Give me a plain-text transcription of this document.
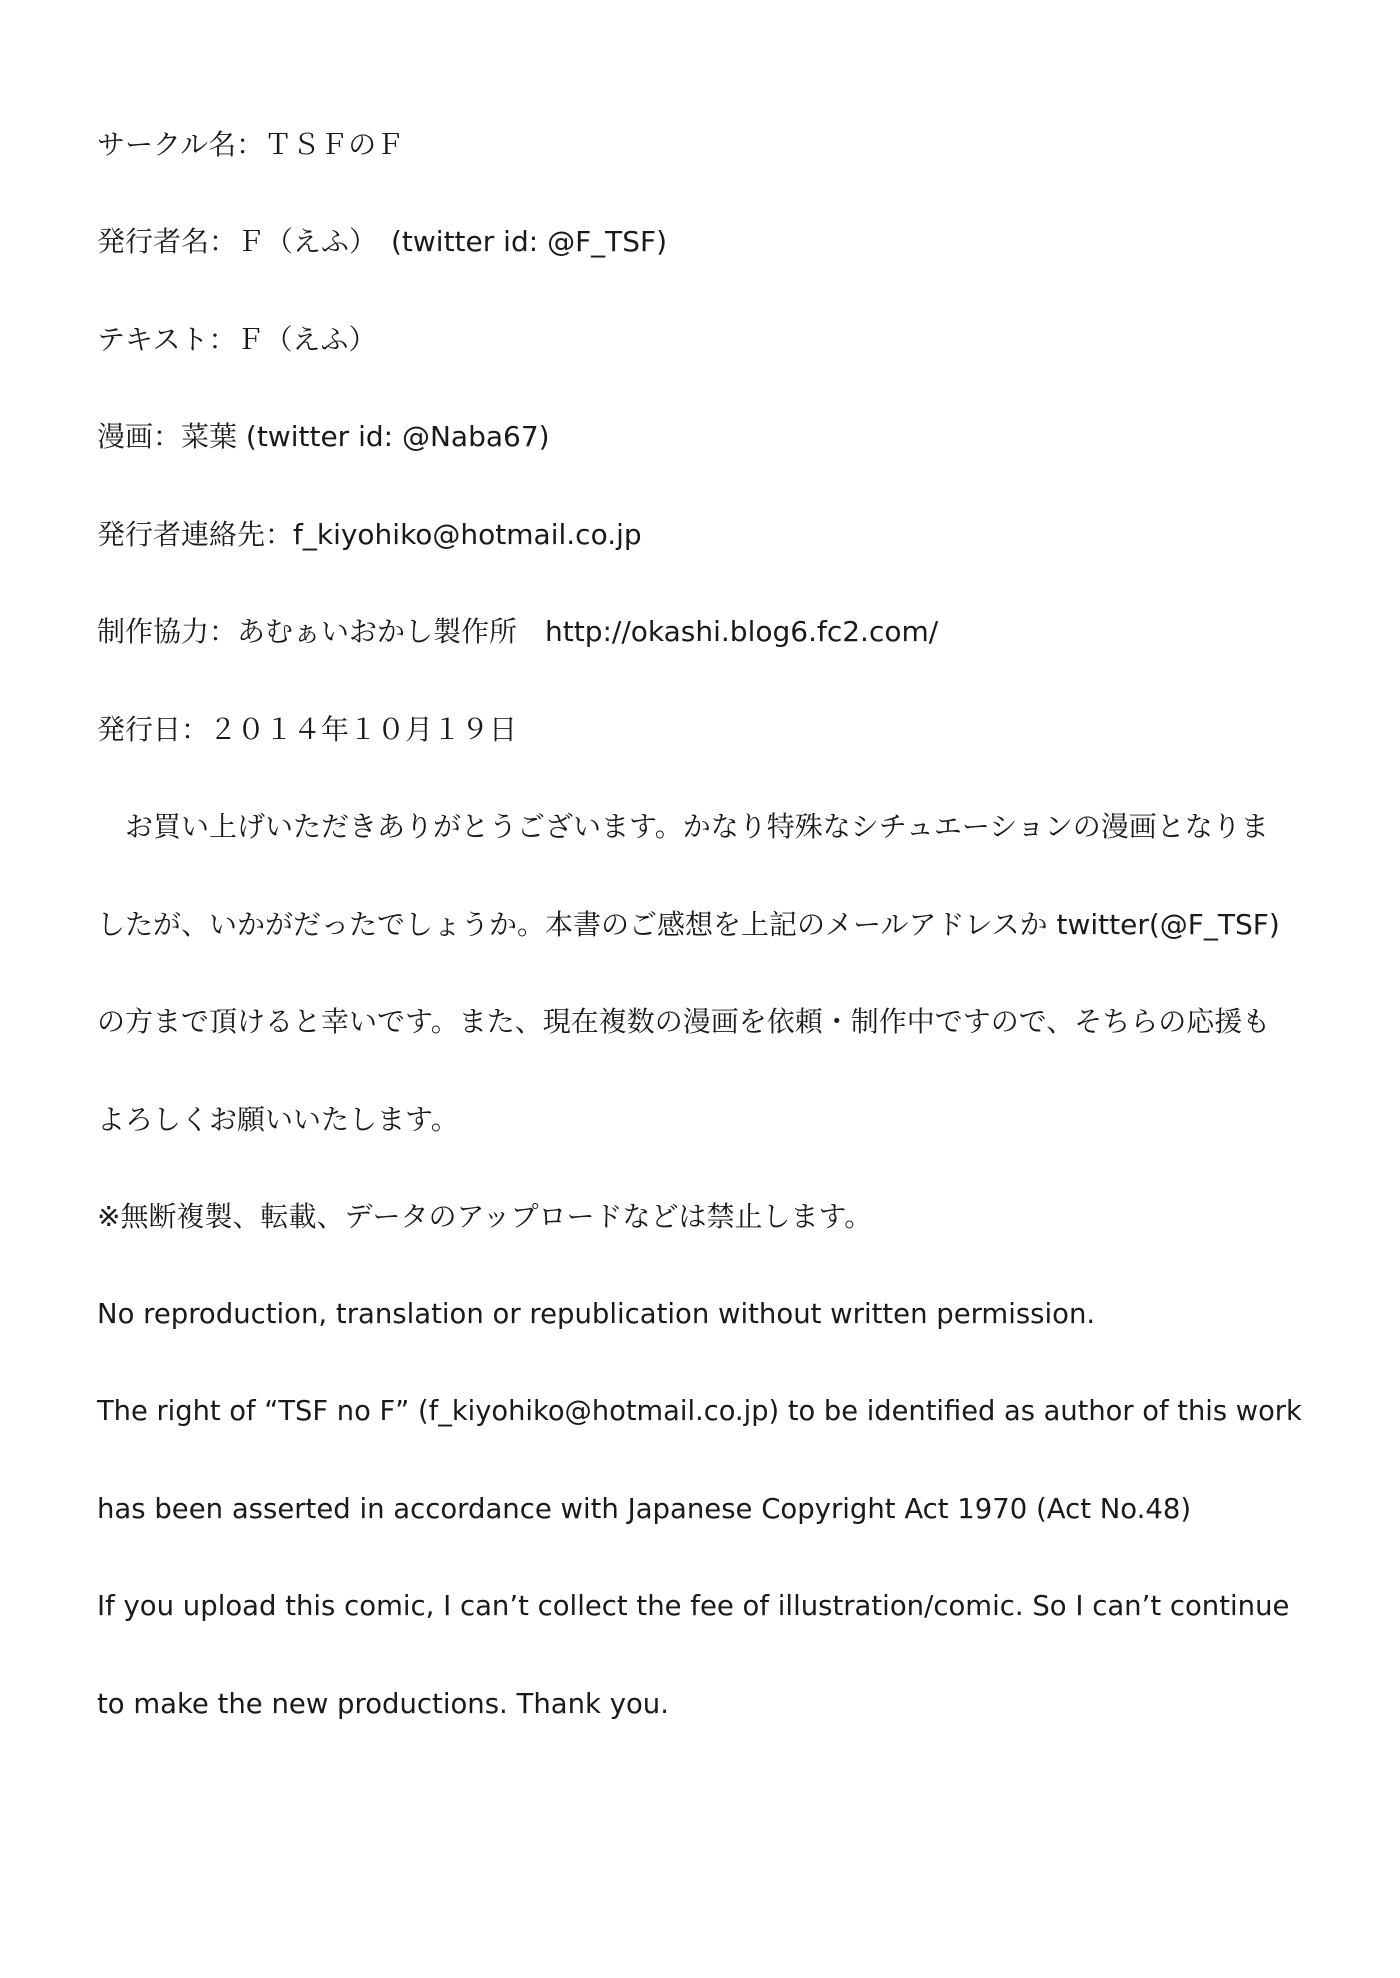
サークル名：ＴＳＦのＦ

発行者名：Ｆ（えふ）　(twitter id: @F_TSF)

テキスト：Ｆ（えふ）

漫画：菜葉 (twitter id: @Naba67)

発行者連絡先：f_kiyohiko@hotmail.co.jp

制作協力：あむぁいおかし製作所　http://okashi.blog6.fc2.com/

発行日：２０１４年１０月１９日

　お買い上げいただきありがとうございます。かなり特殊なシチュエーションの漫画となりま

したが、いかがだったでしょうか。本書のご感想を上記のメールアドレスか twitter(@F_TSF)

の方まで頂けると幸いです。また、現在複数の漫画を依頼・制作中ですので、そちらの応援も

よろしくお願いいたします。

※無断複製、転載、データのアップロードなどは禁止します。

No reproduction, translation or republication without written permission.

The right of “TSF no F” (f_kiyohiko@hotmail.co.jp) to be identified as author of this work

has been asserted in accordance with Japanese Copyright Act 1970 (Act No.48)

If you upload this comic, I can’t collect the fee of illustration/comic. So I can’t continue

to make the new productions. Thank you.
